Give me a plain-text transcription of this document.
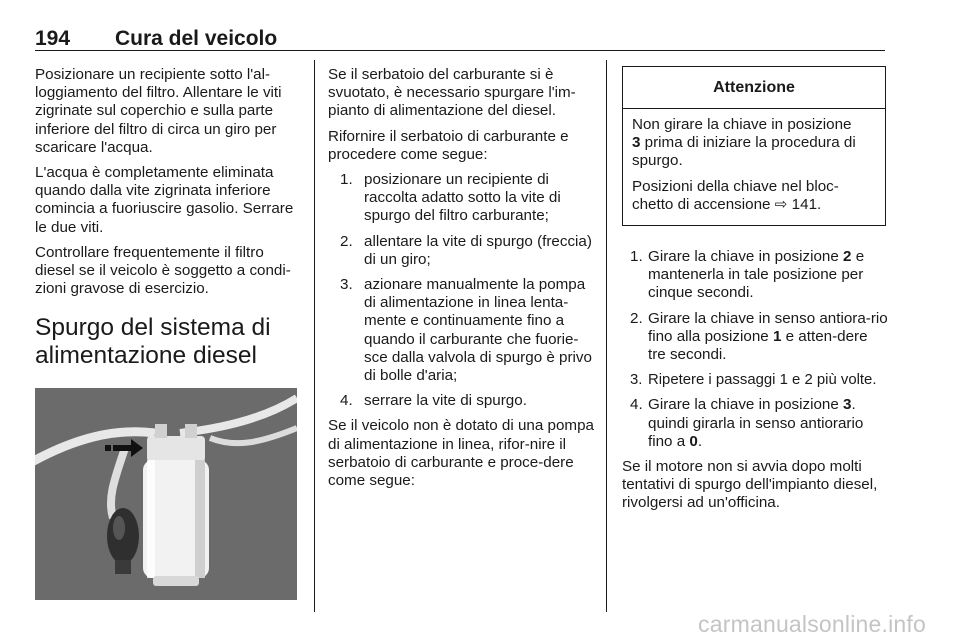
194 Cura del veicolo

Posizionare un recipiente sotto l'al-loggiamento del filtro. Allentare le viti zigrinate sul coperchio e sulla parte inferiore del filtro di circa un giro per scaricare l'acqua.

L'acqua è completamente eliminata quando dalla vite zigrinata inferiore comincia a fuoriuscire gasolio. Serrare le due viti.

Controllare frequentemente il filtro diesel se il veicolo è soggetto a condi-zioni gravose di esercizio.

Spurgo del sistema di alimentazione diesel

Se il serbatoio del carburante si è svuotato, è necessario spurgare l'im-pianto di alimentazione del diesel.

Rifornire il serbatoio di carburante e procedere come segue:

1. posizionare un recipiente di raccolta adatto sotto la vite di spurgo del filtro carburante;
2. allentare la vite di spurgo (freccia) di un giro;
3. azionare manualmente la pompa di alimentazione in linea lenta-mente e continuamente fino a quando il carburante che fuorie-sce dalla valvola di spurgo è privo di bolle d'aria;
4. serrare la vite di spurgo.

Se il veicolo non è dotato di una pompa di alimentazione in linea, rifor-nire il serbatoio di carburante e proce-dere come segue:

Attenzione

Non girare la chiave in posizione
3 prima di iniziare la procedura di spurgo.

Posizioni della chiave nel bloc-chetto di accensione ⇨ 141.

1. Girare la chiave in posizione 2 e mantenerla in tale posizione per cinque secondi.
2. Girare la chiave in senso antiora-rio fino alla posizione 1 e atten-dere tre secondi.
3. Ripetere i passaggi 1 e 2 più volte.
4. Girare la chiave in posizione 3. quindi girarla in senso antiorario fino a 0.

Se il motore non si avvia dopo molti tentativi di spurgo dell'impianto diesel, rivolgersi ad un'officina.

carmanualsonline.info
